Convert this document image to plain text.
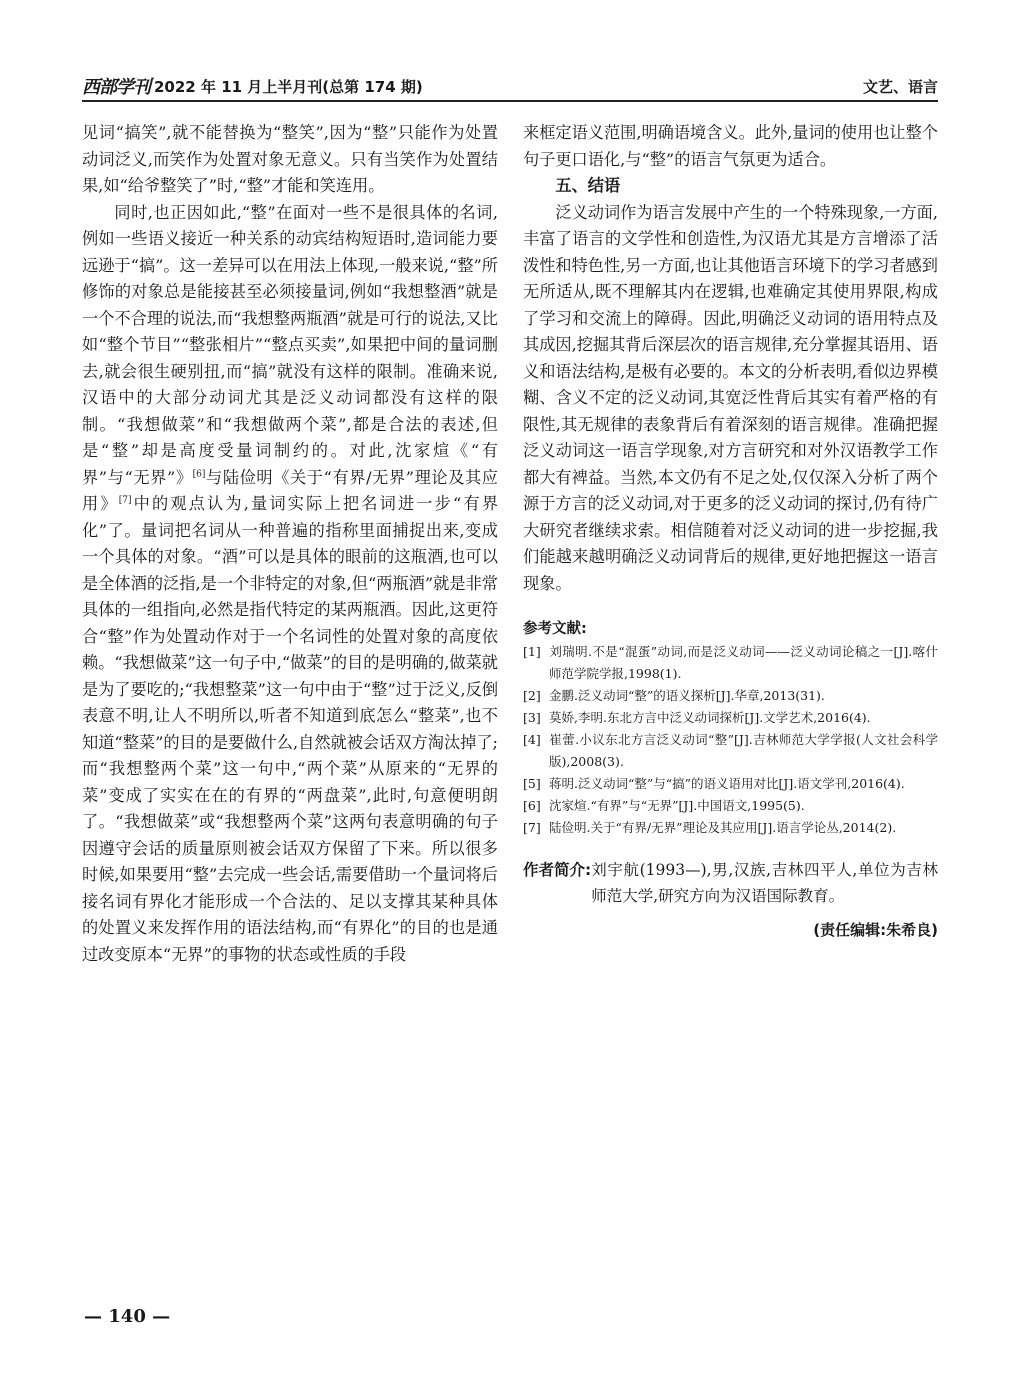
西部学刊 2022 年 11 月上半月刊(总第 174 期)	文艺、语言

见词“搞笑”,就不能替换为“整笑”,因为“整”只能作为处置动词泛义,而笑作为处置对象无意义。只有当笑作为处置结果,如“给爷整笑了”时,“整”才能和笑连用。

同时,也正因如此,“整”在面对一些不是很具体的名词,例如一些语义接近一种关系的动宾结构短语时,造词能力要远逊于“搞”。这一差异可以在用法上体现,一般来说,“整”所修饰的对象总是能接甚至必须接量词,例如“我想整酒”就是一个不合理的说法,而“我想整两瓶酒”就是可行的说法,又比如“整个节目”“整张相片”“整点买卖”,如果把中间的量词删去,就会很生硬别扭,而“搞”就没有这样的限制。准确来说,汉语中的大部分动词尤其是泛义动词都没有这样的限制。“我想做菜”和“我想做两个菜”,都是合法的表述,但是“整”却是高度受量词制约的。对此,沈家煊《“有界”与“无界”》[6]与陆俭明《关于“有界/无界”理论及其应用》[7]中的观点认为,量词实际上把名词进一步“有界化”了。量词把名词从一种普遍的指称里面捕捉出来,变成一个具体的对象。“酒”可以是具体的眼前的这瓶酒,也可以是全体酒的泛指,是一个非特定的对象,但“两瓶酒”就是非常具体的一组指向,必然是指代特定的某两瓶酒。因此,这更符合“整”作为处置动作对于一个名词性的处置对象的高度依赖。“我想做菜”这一句子中,“做菜”的目的是明确的,做菜就是为了要吃的;“我想整菜”这一句中由于“整”过于泛义,反倒表意不明,让人不明所以,听者不知道到底怎么“整菜”,也不知道“整菜”的目的是要做什么,自然就被会话双方淘汰掉了;而“我想整两个菜”这一句中,“两个菜”从原来的“无界的菜”变成了实实在在的有界的“两盘菜”,此时,句意便明朗了。“我想做菜”或“我想整两个菜”这两句表意明确的句子因遵守会话的质量原则被会话双方保留了下来。所以很多时候,如果要用“整”去完成一些会话,需要借助一个量词将后接名词有界化才能形成一个合法的、足以支撑其某种具体的处置义来发挥作用的语法结构,而“有界化”的目的也是通过改变原本“无界”的事物的状态或性质的手段

来框定语义范围,明确语境含义。此外,量词的使用也让整个句子更口语化,与“整”的语言气氛更为适合。

五、结语

泛义动词作为语言发展中产生的一个特殊现象,一方面,丰富了语言的文学性和创造性,为汉语尤其是方言增添了活泼性和特色性,另一方面,也让其他语言环境下的学习者感到无所适从,既不理解其内在逻辑,也难确定其使用界限,构成了学习和交流上的障碍。因此,明确泛义动词的语用特点及其成因,挖掘其背后深层次的语言规律,充分掌握其语用、语义和语法结构,是极有必要的。本文的分析表明,看似边界模糊、含义不定的泛义动词,其宽泛性背后其实有着严格的有限性,其无规律的表象背后有着深刻的语言规律。准确把握泛义动词这一语言学现象,对方言研究和对外汉语教学工作都大有裨益。当然,本文仍有不足之处,仅仅深入分析了两个源于方言的泛义动词,对于更多的泛义动词的探讨,仍有待广大研究者继续求索。相信随着对泛义动词的进一步挖掘,我们能越来越明确泛义动词背后的规律,更好地把握这一语言现象。

参考文献:

[1] 刘瑞明.不是“混蛋”动词,而是泛义动词——泛义动词论稿之一[J].喀什师范学院学报,1998(1).

[2] 金鹏.泛义动词“整”的语义探析[J].华章,2013(31).

[3] 莫娇,李明.东北方言中泛义动词探析[J].文学艺术,2016(4).

[4] 崔蕾.小议东北方言泛义动词“整”[J].吉林师范大学学报(人文社会科学版),2008(3).

[5] 蒋明.泛义动词“整”与“搞”的语义语用对比[J].语文学刊,2016(4).

[6] 沈家煊.“有界”与“无界”[J].中国语文,1995(5).

[7] 陆俭明.关于“有界/无界”理论及其应用[J].语言学论丛,2014(2).

作者简介: 刘宇航(1993—),男,汉族,吉林四平人,单位为吉林师范大学,研究方向为汉语国际教育。
(责任编辑:朱希良)
— 140 —
